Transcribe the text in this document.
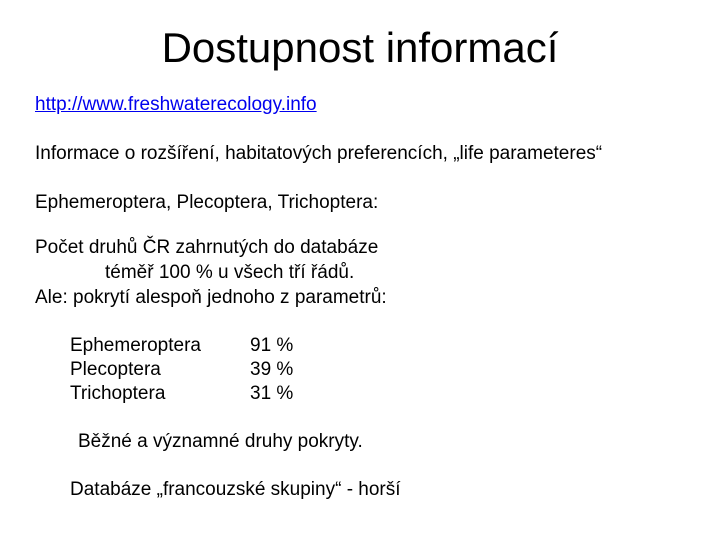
Dostupnost informací
http://www.freshwaterecology.info
Informace o rozšíření, habitatových preferencích, „life parameteres“
Ephemeroptera, Plecoptera, Trichoptera:
Počet druhů ČR zahrnutých do databáze
téměř 100 % u všech tří řádů.
Ale: pokrytí alespoň jednoho z parametrů:
Ephemeroptera	91 %
Plecoptera	39 %
Trichoptera	31 %
Běžné a významné druhy pokryty.
Databáze „francouzské skupiny“ - horší
